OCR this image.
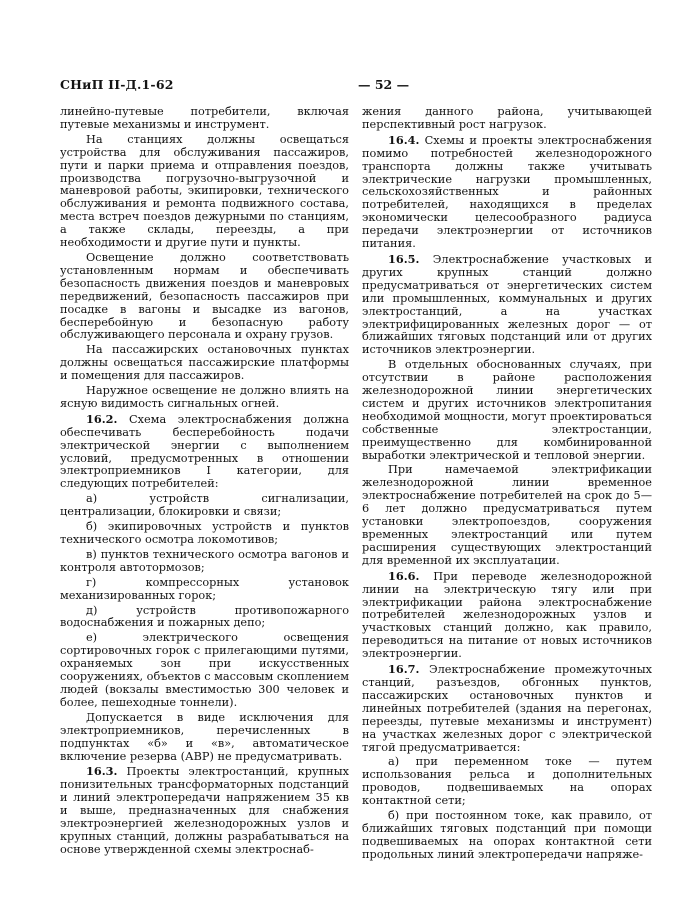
СНиП II-Д.1-62	— 52 —

линейно-путевые потребители, включая путевые механизмы и инструмент.

На станциях должны освещаться устройства для обслуживания пассажиров, пути и парки приема и отправления поездов, производства погрузочно-выгрузочной и маневровой работы, экипировки, технического обслуживания и ремонта подвижного состава, места встреч поездов дежурными по станциям, а также склады, переезды, а при необходимости и другие пути и пункты.

Освещение должно соответствовать установленным нормам и обеспечивать безопасность движения поездов и маневровых передвижений, безопасность пассажиров при посадке в вагоны и высадке из вагонов, бесперебойную и безопасную работу обслуживающего персонала и охрану грузов.

На пассажирских остановочных пунктах должны освещаться пассажирские платформы и помещения для пассажиров.

Наружное освещение не должно влиять на ясную видимость сигнальных огней.

16.2. Схема электроснабжения должна обеспечивать бесперебойность подачи электрической энергии с выполнением условий, предусмотренных в отношении электроприемников I категории, для следующих потребителей:

а) устройств сигнализации, централизации, блокировки и связи;

б) экипировочных устройств и пунктов технического осмотра локомотивов;

в) пунктов технического осмотра вагонов и контроля автотормозов;

г) компрессорных установок механизированных горок;

д) устройств противопожарного водоснабжения и пожарных депо;

е) электрического освещения сортировочных горок с прилегающими путями, охраняемых зон при искусственных сооружениях, объектов с массовым скоплением людей (вокзалы вместимостью 300 человек и более, пешеходные тоннели).

Допускается в виде исключения для электроприемников, перечисленных в подпунктах «б» и «в», автоматическое включение резерва (АВР) не предусматривать.

16.3. Проекты электростанций, крупных понизительных трансформаторных подстанций и линий электропередачи напряжением 35 кв и выше, предназначенных для снабжения электроэнергией железнодорожных узлов и крупных станций, должны разрабатываться на основе утвержденной схемы электроснаб-

жения данного района, учитывающей перспективный рост нагрузок.

16.4. Схемы и проекты электроснабжения помимо потребностей железнодорожного транспорта должны также учитывать электрические нагрузки промышленных, сельскохозяйственных и районных потребителей, находящихся в пределах экономически целесообразного радиуса передачи электроэнергии от источников питания.

16.5. Электроснабжение участковых и других крупных станций должно предусматриваться от энергетических систем или промышленных, коммунальных и других электростанций, а на участках электрифицированных железных дорог — от ближайших тяговых подстанций или от других источников электроэнергии.

В отдельных обоснованных случаях, при отсутствии в районе расположения железнодорожной линии энергетических систем и других источников электропитания необходимой мощности, могут проектироваться собственные электростанции, преимущественно для комбинированной выработки электрической и тепловой энергии.

При намечаемой электрификации железнодорожной линии временное электроснабжение потребителей на срок до 5—6 лет должно предусматриваться путем установки электропоездов, сооружения временных электростанций или путем расширения существующих электростанций для временной их эксплуатации.

16.6. При переводе железнодорожной линии на электрическую тягу или при электрификации района электроснабжение потребителей железнодорожных узлов и участковых станций должно, как правило, переводиться на питание от новых источников электроэнергии.

16.7. Электроснабжение промежуточных станций, разъездов, обгонных пунктов, пассажирских остановочных пунктов и линейных потребителей (здания на перегонах, переезды, путевые механизмы и инструмент) на участках железных дорог с электрической тягой предусматривается:

а) при переменном токе — путем использования рельса и дополнительных проводов, подвешиваемых на опорах контактной сети;

б) при постоянном токе, как правило, от ближайших тяговых подстанций при помощи подвешиваемых на опорах контактной сети продольных линий электропередачи напряже-
